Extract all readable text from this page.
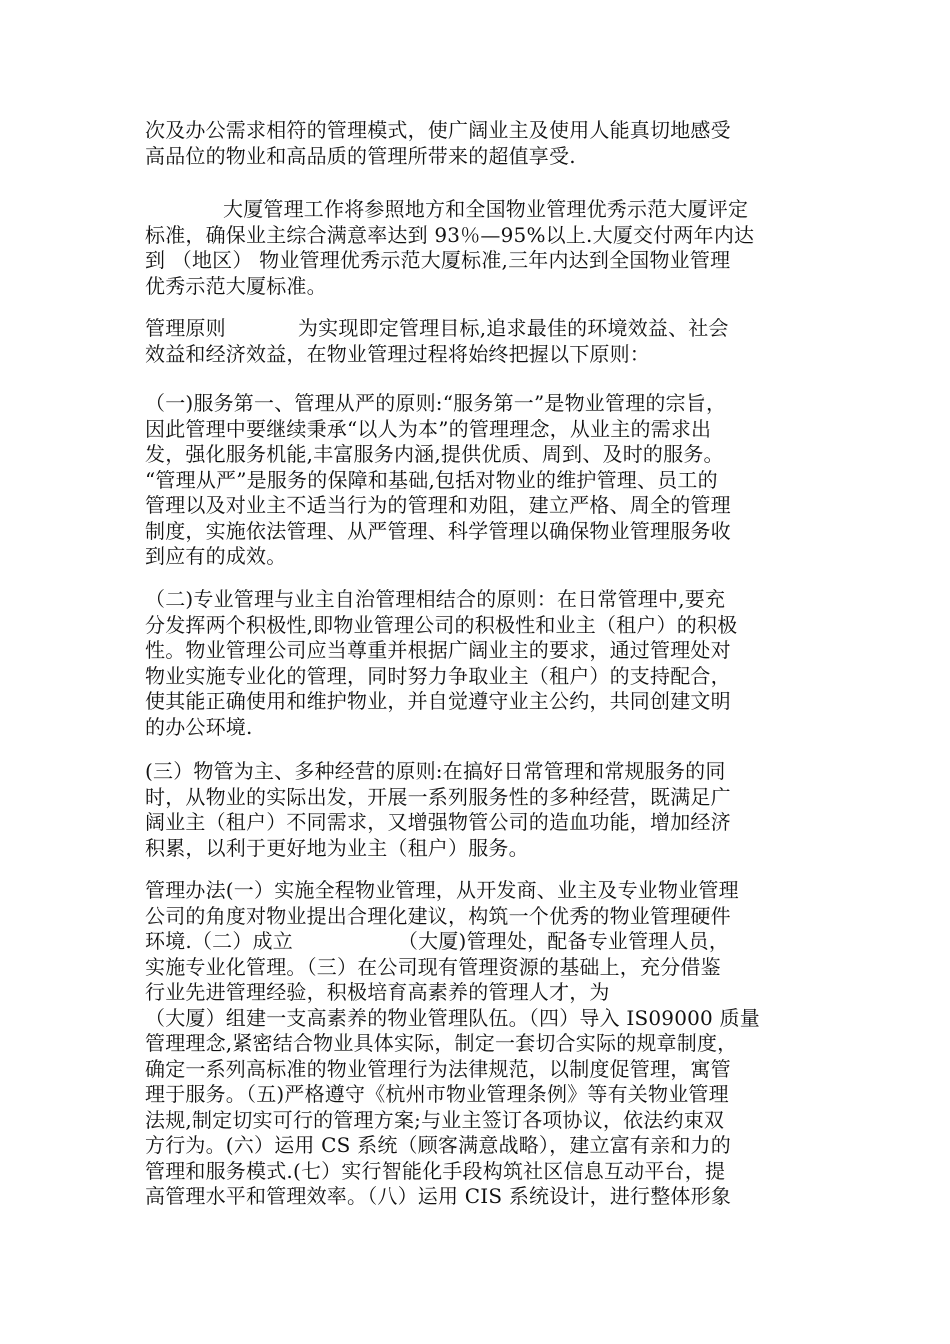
次及办公需求相符的管理模式，使广阔业主及使用人能真切地感受
高品位的物业和高品质的管理所带来的超值享受.
大厦管理工作将参照地方和全国物业管理优秀示范大厦评定
标准，确保业主综合满意率达到 93％—95%以上.大厦交付两年内达
到 （地区） 物业管理优秀示范大厦标准,三年内达到全国物业管理
优秀示范大厦标准。
管理原则           为实现即定管理目标,追求最佳的环境效益、社会
效益和经济效益，在物业管理过程将始终把握以下原则：
（一)服务第一、管理从严的原则:“服务第一”是物业管理的宗旨，
因此管理中要继续秉承“以人为本”的管理理念，从业主的需求出
发，强化服务机能,丰富服务内涵,提供优质、周到、及时的服务。
“管理从严”是服务的保障和基础,包括对物业的维护管理、员工的
管理以及对业主不适当行为的管理和劝阻，建立严格、周全的管理
制度，实施依法管理、从严管理、科学管理以确保物业管理服务收
到应有的成效。
（二)专业管理与业主自治管理相结合的原则：在日常管理中,要充
分发挥两个积极性,即物业管理公司的积极性和业主（租户）的积极
性。物业管理公司应当尊重并根据广阔业主的要求，通过管理处对
物业实施专业化的管理，同时努力争取业主（租户）的支持配合，
使其能正确使用和维护物业，并自觉遵守业主公约，共同创建文明
的办公环境.
(三）物管为主、多种经营的原则:在搞好日常管理和常规服务的同
时，从物业的实际出发，开展一系列服务性的多种经营，既满足广
阔业主（租户）不同需求，又增强物管公司的造血功能，增加经济
积累，以利于更好地为业主（租户）服务。
管理办法(一）实施全程物业管理，从开发商、业主及专业物业管理
公司的角度对物业提出合理化建议，构筑一个优秀的物业管理硬件
环境.（二）成立                （大厦)管理处，配备专业管理人员，
实施专业化管理。（三）在公司现有管理资源的基础上，充分借鉴
行业先进管理经验，积极培育高素养的管理人才，为
（大厦）组建一支高素养的物业管理队伍。（四）导入 IS09000 质量
管理理念,紧密结合物业具体实际，制定一套切合实际的规章制度，
确定一系列高标准的物业管理行为法律规范，以制度促管理，寓管
理于服务。（五)严格遵守《杭州市物业管理条例》等有关物业管理
法规,制定切实可行的管理方案;与业主签订各项协议，依法约束双
方行为。(六）运用 CS 系统（顾客满意战略），建立富有亲和力的
管理和服务模式.(七）实行智能化手段构筑社区信息互动平台，提
高管理水平和管理效率。（八）运用 CIS 系统设计，进行整体形象
